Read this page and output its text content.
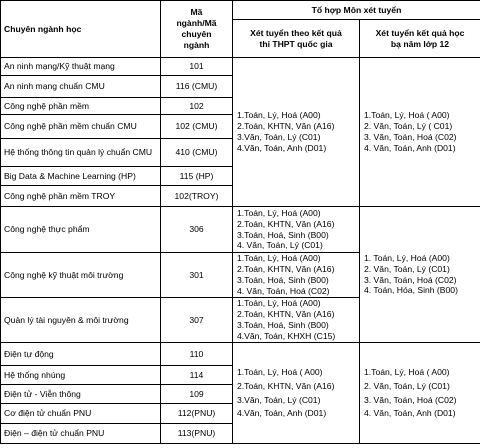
Chuyên ngành học	Mã
ngành/Mã
chuyên
ngành	Tổ hợp Môn xét tuyển	

		Xét tuyển theo kết quả
thi THPT quốc gia	Xét tuyển kết quả học
bạ năm lớp 12

An ninh mạng/Kỹ thuật mạng	101	1.Toán, Lý, Hoá (A00)
2.Toán, KHTN, Văn (A16)
3.Văn, Toán, Lý (C01)
4.Văn, Toán, Anh (D01)	1.Toán, Lý, Hoá ( A00)
2. Văn, Toán, Lý ( C01)
3. Văn, Toán, Hoá (C02)
4. Văn, Toán, Anh (D01)

An ninh mạng chuẩn CMU	116 (CMU)		
Công nghệ phần mềm	102		
Công nghệ phần mềm chuẩn CMU	102 (CMU)		
Hệ thống thông tin quản lý chuẩn CMU	410 (CMU)		
Big Data & Machine Learning (HP)	115 (HP)		
Công nghệ phần mềm TROY	102(TROY)		
Công nghệ thực phẩm	306	1.Toán, Lý, Hoá (A00)
2.Toán, KHTN, Văn (A16)
3.Toán, Hoá, Sinh (B00)
4. Văn, Toán, Lý (C01)	1. Toán, Lý, Hoá (A00)
2. Văn, Toán, Lý (C01)
3. Văn, Toán, Hoá (C02)
4. Toán, Hóa, Sinh (B00)

Công nghệ kỹ thuật môi trường	301	1.Toán, Lý, Hoá (A00)
2.Toán, KHTN, Văn (A16)
3.Toán, Hoá, Sinh (B00)
4. Văn, Toán, Hoá (C02)	

Quản lý tài nguyên & môi trường	307	1.Toán, Lý, Hoá (A00)
2.Toán, KHTN, Văn (A16)
3.Toán, Hoá, Sinh (B00)
4.Văn, Toán, KHXH (C15)	

Điện tự động	110	1.Toán, Lý, Hoá ( A00)
2.Toán, KHTN, Văn (A16)
3.Văn, Toán, Lý (C01)
4.Văn, Toán, Anh (D01)	1.Toán, Lý, Hoá ( A00)
2. Văn, Toán, Lý (C01)
3. Văn, Toán, Hoá (C02)
4. Văn, Toán, Anh (D01)

Hệ thống nhúng	114		
Điện tử - Viễn thông	109		
Cơ điện tử chuẩn PNU	112(PNU)		
Điện – điện tử chuẩn PNU	113(PNU)		
